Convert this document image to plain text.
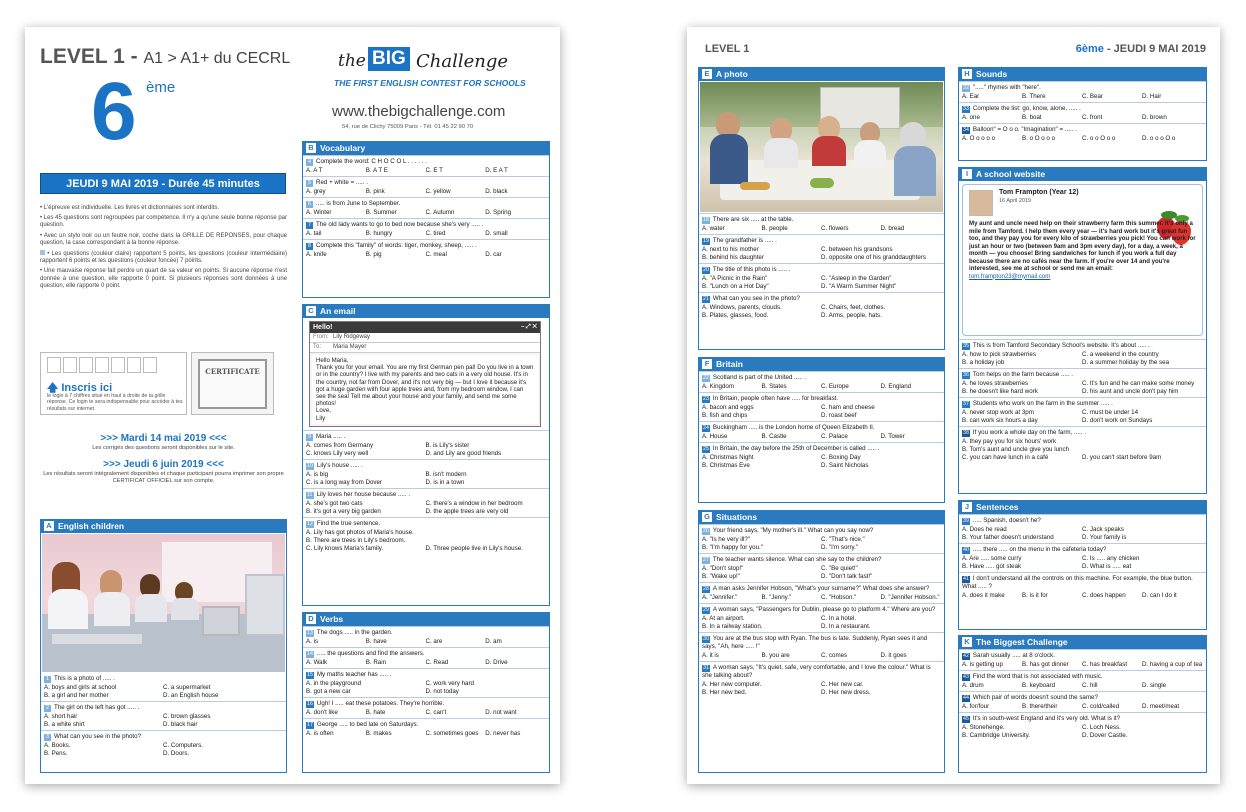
LEVEL 1 - A1 > A1+ du CECRL
6 ème
the BIG Challenge
THE FIRST ENGLISH CONTEST FOR SCHOOLS
www.thebigchallenge.com
54, rue de Clichy 75009 Paris - Tél. 01 45 22 90 70
JEUDI 9 MAI 2019 - Durée 45 minutes
• L'épreuve est individuelle. Les livres et dictionnaires sont interdits.
• Les 45 questions sont regroupées par compétence. Il n'y a qu'une seule bonne réponse par question.
• Avec un stylo noir ou un feutre noir, coche dans la GRILLE DE REPONSES, pour chaque question, la case correspondant à la bonne réponse.
• Les questions (couleur claire) rapportent 5 points, les questions (couleur intermédiaire) rapportent 6 points et les questions (couleur foncée) 7 points.
• Une mauvaise réponse fait perdre un quart de sa valeur en points. Si aucune réponse n'est donnée à une question, elle rapporte 0 point. Si plusieurs réponses sont données à une question, elle rapporte 0 point.
🡅 Inscris ici
le login à 7 chiffres situé en haut à droite de ta grille réponse. Ce login te sera indispensable pour accéder à tes résultats sur internet.
CERTIFICATE
>>> Mardi 14 mai 2019 <<<
Les corrigés des questions seront disponibles sur le site.
>>> Jeudi 6 juin 2019 <<<
Les résultats seront intégralement disponibles et chaque participant pourra imprimer son propre CERTIFICAT OFFICIEL sur son compte.
A English children
1 This is a photo of ..... .
A. boys and girls at school	C. a supermarket
B. a girl and her mother	D. an English house
2 The girl on the left has got ..... .
A. short hair	C. brown glasses
B. a white shirt	D. black hair
3 What can you see in the photo?
A. Books.	C. Computers.
B. Pens.	D. Doors.
B Vocabulary
4 Complete the word: C H O C O L . . . . . .
A. A T	B. A T E	C. E T	D. E A T
5 Red + white = ..... .
A. grey	B. pink	C. yellow	D. black
6 ..... is from June to September.
A. Winter	B. Summer	C. Autumn	D. Spring
7 The old lady wants to go to bed now because she's very ..... .
A. tail	B. hungry	C. tired	D. small
8 Complete this "family" of words: tiger, monkey, sheep, ..... .
A. knife	B. pig	C. meal	D. car
C An email
Hello!	– ⤢ ✕
From: Lily Ridgeway
To: Maria Mayer
Hello Maria,
Thank you for your email. You are my first German pen pal! Do you live in a town or in the country? I live with my parents and two cats in a very old house. It's in the country, not far from Dover, and it's not very big — but I love it because it's got a huge garden with four apple trees and, from my bedroom window, I can see the sea! Tell me about your house and your family, and send me some photos!
Love,
Lily
9 Maria ..... .
A. comes from Germany	B. is Lily's sister
C. knows Lily very well	D. and Lily are good friends
10 Lily's house ..... .
A. is big	B. isn't modern
C. is a long way from Dover	D. is in a town
11 Lily loves her house because ..... .
A. she's got two cats	C. there's a window in her bedroom
B. it's got a very big garden	D. the apple trees are very old
12 Find the true sentence.
A. Lily has got photos of Maria's house.
B. There are trees in Lily's bedroom.
C. Lily knows Maria's family.	D. Three people live in Lily's house.
D Verbs
13 The dogs ..... in the garden.
A. is	B. have	C. are	D. am
14 ..... the questions and find the answers.
A. Walk	B. Rain	C. Read	D. Drive
15 My maths teacher has ..... .
A. in the playground	C. work very hard
B. got a new car	D. not today
16 Ugh! I ..... eat these potatoes. They're horrible.
A. don't like	B. hate	C. can't	D. not want
17 George ..... to bed late on Saturdays.
A. is often	B. makes	C. sometimes goes	D. never has
LEVEL 1	6ème - JEUDI 9 MAI 2019
E A photo
18 There are six ..... at the table.
A. water	B. people	C. flowers	D. bread
19 The grandfather is ..... .
A. next to his mother	C. between his grandsons
B. behind his daughter	D. opposite one of his granddaughters
20 The title of this photo is ..... .
A. "A Picnic in the Rain"	C. "Asleep in the Garden"
B. "Lunch on a Hot Day"	D. "A Warm Summer Night"
21 What can you see in the photo?
A. Windows, parents, clouds.	C. Chairs, feet, clothes.
B. Plates, glasses, food.	D. Arms, people, hats.
F Britain
22 Scotland is part of the United ..... .
A. Kingdom	B. States	C. Europe	D. England
23 In Britain, people often have ..... for breakfast.
A. bacon and eggs	C. ham and cheese
B. fish and chips	D. roast beef
24 Buckingham ..... is the London home of Queen Elizabeth II.
A. House	B. Castle	C. Palace	D. Tower
25 In Britain, the day before the 25th of December is called ..... .
A. Christmas Night	C. Boxing Day
B. Christmas Eve	D. Saint Nicholas
G Situations
26 Your friend says, "My mother's ill." What can you say now?
A. "Is he very ill?"	C. "That's nice."
B. "I'm happy for you."	D. "I'm sorry."
27 The teacher wants silence. What can she say to the children?
A. "Don't stop!"	C. "Be quiet!"
B. "Wake up!"	D. "Don't talk fast!"
28 A man asks Jennifer Hobson, "What's your surname?" What does she answer?
A. "Jennifer."	B. "Jenny."	C. "Hobson."	D. "Jennifer Hobson."
29 A woman says, "Passengers for Dublin, please go to platform 4." Where are you?
A. At an airport.	C. In a hotel.
B. In a railway station.	D. In a restaurant.
30 You are at the bus stop with Ryan. The bus is late. Suddenly, Ryan sees it and says, "Ah, here ..... !"
A. it is	B. you are	C. comes	D. it goes
31 A woman says, "It's quiet, safe, very comfortable, and I love the colour." What is she talking about?
A. Her new computer.	C. Her new car.
B. Her new bed.	D. Her new dress.
H Sounds
32 "....." rhymes with "here".
A. Ear	B. There	C. Bear	D. Hair
33 Complete the list: go, know, alone, ..... .
A. one	B. boat	C. front	D. brown
34 Balloon" = O o o. "Imagination" = ..... .
A. O o o o o	B. o O o o o	C. o o O o o	D. o o o O o
I A school website
Tom Frampton (Year 12)
16 April 2019
My aunt and uncle need help on their strawberry farm this summer. It's only a mile from Tamford. I help them every year — it's hard work but it's great fun too, and they pay you for every kilo of strawberries you pick! You can work for just an hour or two (between 9am and 3pm every day), for a day, a week, a month — you choose! Bring sandwiches for lunch if you work a full day because there are no cafés near the farm. If you're over 14 and you're interested, see me at school or send me an email:
tom.frampton23@mymail.com
35 This is from Tamford Secondary School's website. It's about ..... .
A. how to pick strawberries	C. a weekend in the country
B. a holiday job	D. a summer holiday by the sea
36 Tom helps on the farm because ..... .
A. he loves strawberries	C. It's fun and he can make some money
B. he doesn't like hard work	D. his aunt and uncle don't pay him
37 Students who work on the farm in the summer ..... .
A. never stop work at 3pm	C. must be under 14
B. can work six hours a day	D. don't work on Sundays
38 If you work a whole day on the farm, ..... .
A. they pay you for six hours' work
B. Tom's aunt and uncle give you lunch
C. you can have lunch in a café	D. you can't start before 9am
J Sentences
39 ..... Spanish, doesn't he?
A. Does he read	C. Jack speaks
B. Your father doesn't understand	D. Your family is
40 ..... there ..... on the menu in the cafeteria today?
A. Are ..... some curry	C. Is ..... any chicken
B. Have ..... got steak	D. What is ..... eat
41 I don't understand all the controls on this machine. For example, the blue button. What ..... ?
A. does it make	B. is it for	C. does happen	D. can I do it
K The Biggest Challenge
42 Sarah usually ..... at 8 o'clock.
A. is getting up	B. has got dinner	C. has breakfast	D. having a cup of tea
43 Find the word that is not associated with music.
A. drum	B. keyboard	C. hill	D. single
44 Which pair of words doesn't sound the same?
A. for/four	B. there/their	C. cold/called	D. meet/meat
45 It's in south-west England and it's very old. What is it?
A. Stonehenge.	C. Loch Ness.
B. Cambridge University.	D. Dover Castle.
